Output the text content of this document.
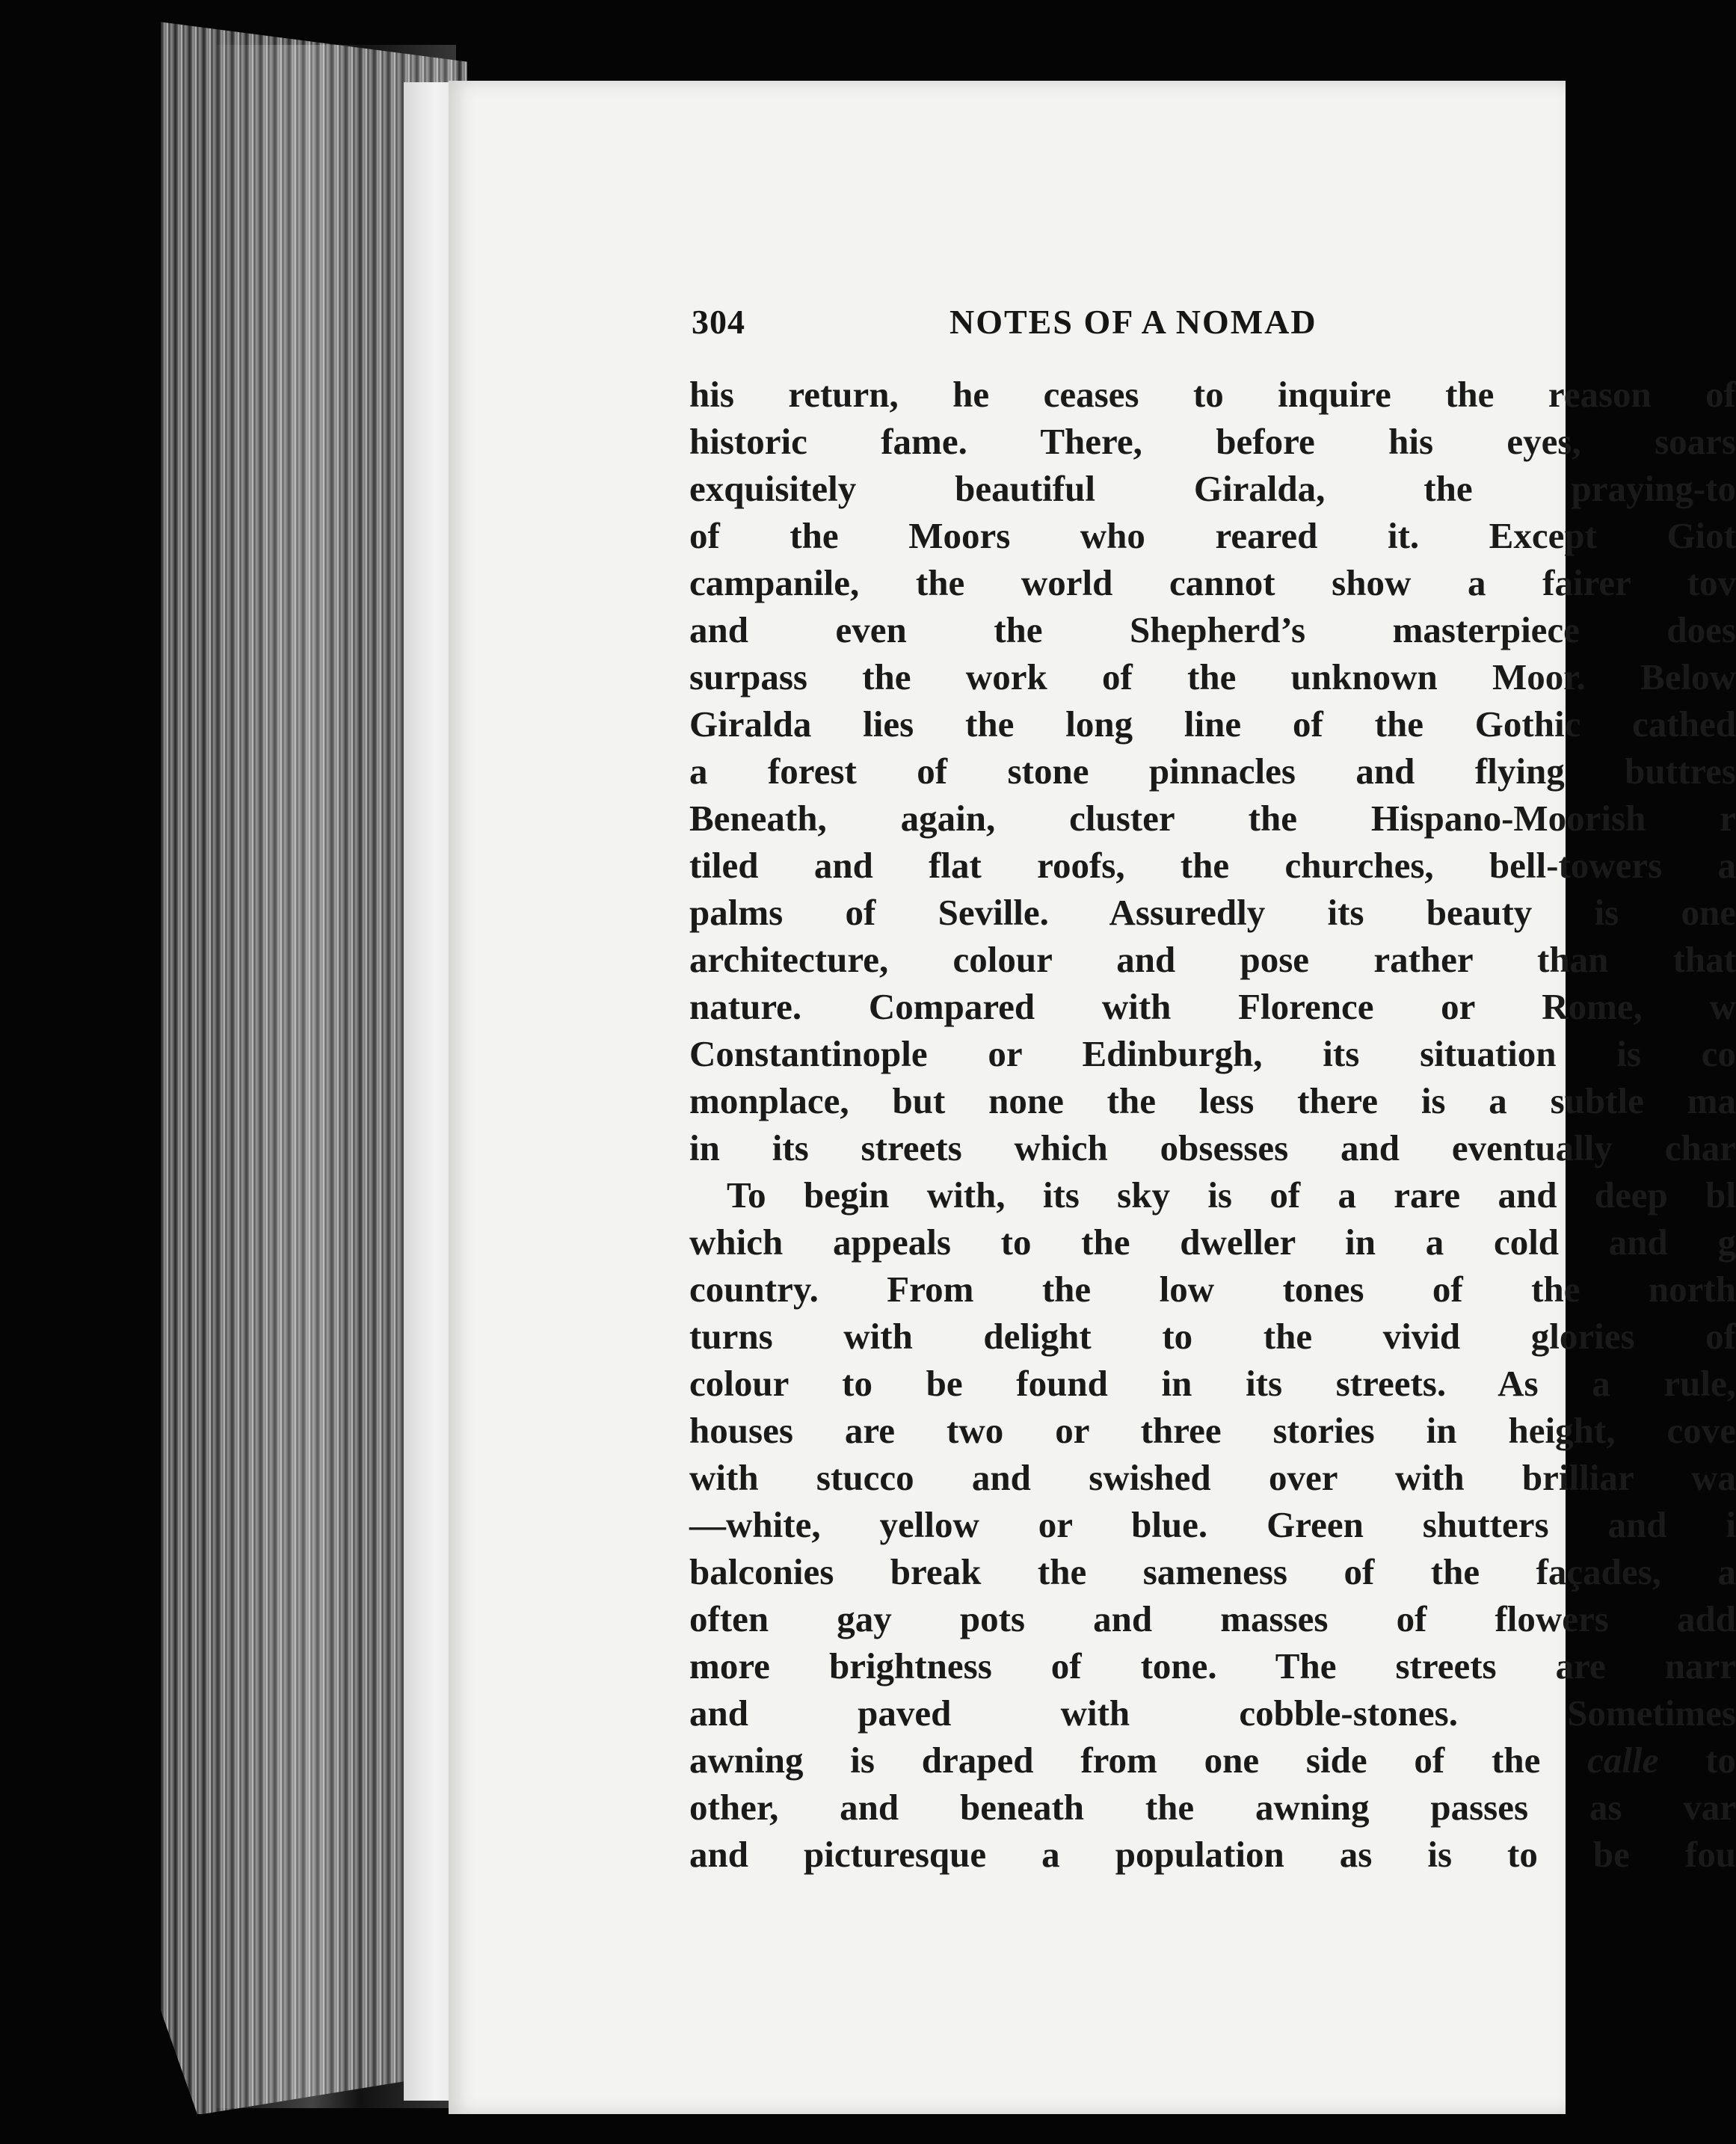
304	NOTES OF A NOMAD
his return, he ceases to inquire the reason of
historic fame. There, before his eyes, soars
exquisitely beautiful Giralda, the praying-to
of the Moors who reared it. Except Giot
campanile, the world cannot show a fairer tov
and even the Shepherd’s masterpiece does
surpass the work of the unknown Moor. Below
Giralda lies the long line of the Gothic cathed
a forest of stone pinnacles and flying buttres
Beneath, again, cluster the Hispano-Moorish r
tiled and flat roofs, the churches, bell-towers a
palms of Seville. Assuredly its beauty is one
architecture, colour and pose rather than that
nature. Compared with Florence or Rome, w
Constantinople or Edinburgh, its situation is co
monplace, but none the less there is a subtle ma
in its streets which obsesses and eventually char
To begin with, its sky is of a rare and deep bl
which appeals to the dweller in a cold and g
country. From the low tones of the north
turns with delight to the vivid glories of
colour to be found in its streets. As a rule,
houses are two or three stories in height, cove
with stucco and swished over with brilliar wa
—white, yellow or blue. Green shutters and i
balconies break the sameness of the façades, a
often gay pots and masses of flowers add
more brightness of tone. The streets are narr
and paved with cobble-stones. Sometimes
awning is draped from one side of the calle to
other, and beneath the awning passes as var
and picturesque a population as is to be fou
